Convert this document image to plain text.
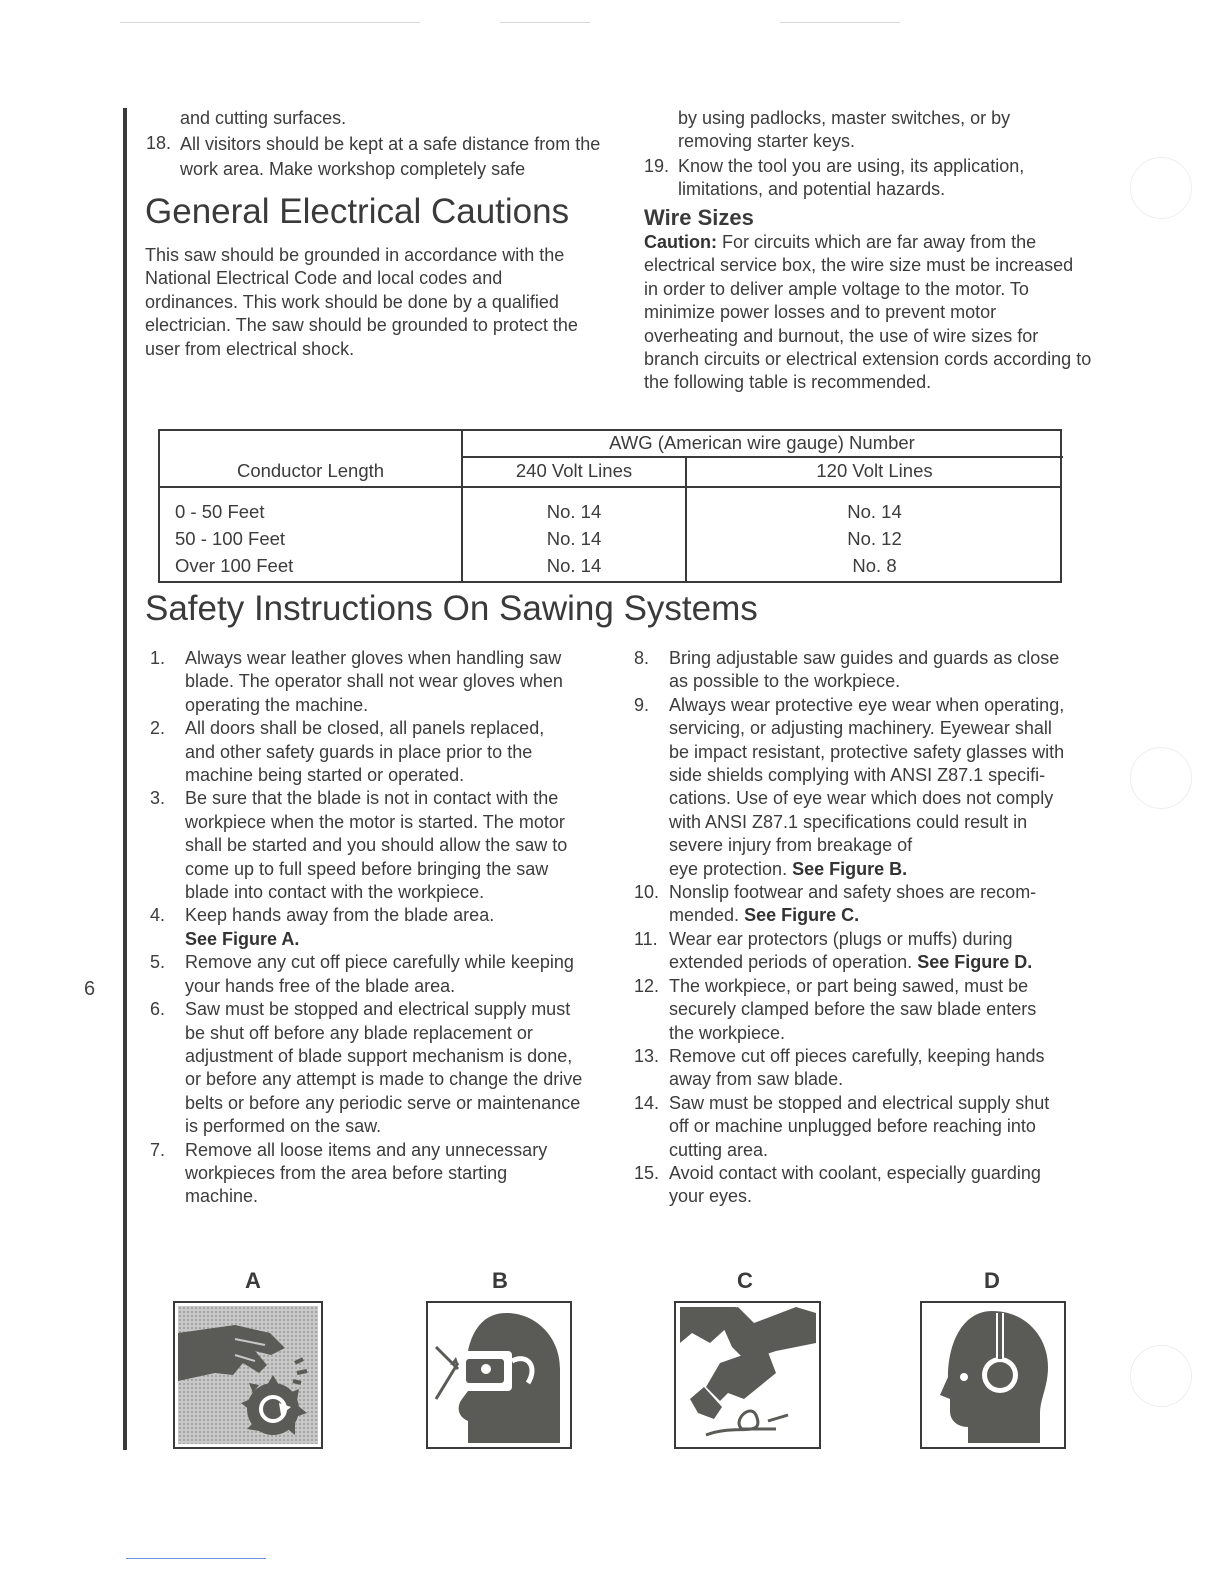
6
and cutting surfaces.
18. All visitors should be kept at a safe distance from the work area. Make workshop completely safe
by using padlocks, master switches, or by removing starter keys.
19. Know the tool you are using, its application, limitations, and potential hazards.
General Electrical Cautions
This saw should be grounded in accordance with the National Electrical Code and local codes and ordinances. This work should be done by a qualified electrician. The saw should be grounded to protect the user from electrical shock.
Wire Sizes
Caution: For circuits which are far away from the electrical service box, the wire size must be increased in order to deliver ample voltage to the motor. To minimize power losses and to prevent motor overheating and burnout, the use of wire sizes for branch circuits or electrical extension cords according to the following table is recommended.
AWG (American wire gauge) Number
Conductor Length	240 Volt Lines	120 Volt Lines
0 - 50 Feet	No. 14	No. 14
50 - 100 Feet	No. 14	No. 12
Over 100 Feet	No. 14	No. 8
Safety Instructions On Sawing Systems
1. Always wear leather gloves when handling saw
blade. The operator shall not wear gloves when
operating the machine.
2. All doors shall be closed, all panels replaced,
and other safety guards in place prior to the
machine being started or operated.
3. Be sure that the blade is not in contact with the
workpiece when the motor is started. The motor
shall be started and you should allow the saw to
come up to full speed before bringing the saw
blade into contact with the workpiece.
4. Keep hands away from the blade area.
See Figure A.
5. Remove any cut off piece carefully while keeping
your hands free of the blade area.
6. Saw must be stopped and electrical supply must
be shut off before any blade replacement or
adjustment of blade support mechanism is done,
or before any attempt is made to change the drive
belts or before any periodic serve or maintenance
is performed on the saw.
7. Remove all loose items and any unnecessary
workpieces from the area before starting
machine.
8. Bring adjustable saw guides and guards as close
as possible to the workpiece.
9. Always wear protective eye wear when operating,
servicing, or adjusting machinery. Eyewear shall
be impact resistant, protective safety glasses with
side shields complying with ANSI Z87.1 specifi-
cations. Use of eye wear which does not comply
with ANSI Z87.1 specifications could result in
severe injury from breakage of
eye protection. See Figure B.
10. Nonslip footwear and safety shoes are recom-
mended. See Figure C.
11. Wear ear protectors (plugs or muffs) during
extended periods of operation. See Figure D.
12. The workpiece, or part being sawed, must be
securely clamped before the saw blade enters
the workpiece.
13. Remove cut off pieces carefully, keeping hands
away from saw blade.
14. Saw must be stopped and electrical supply shut
off or machine unplugged before reaching into
cutting area.
15. Avoid contact with coolant, especially guarding
your eyes.
A	B	C	D
